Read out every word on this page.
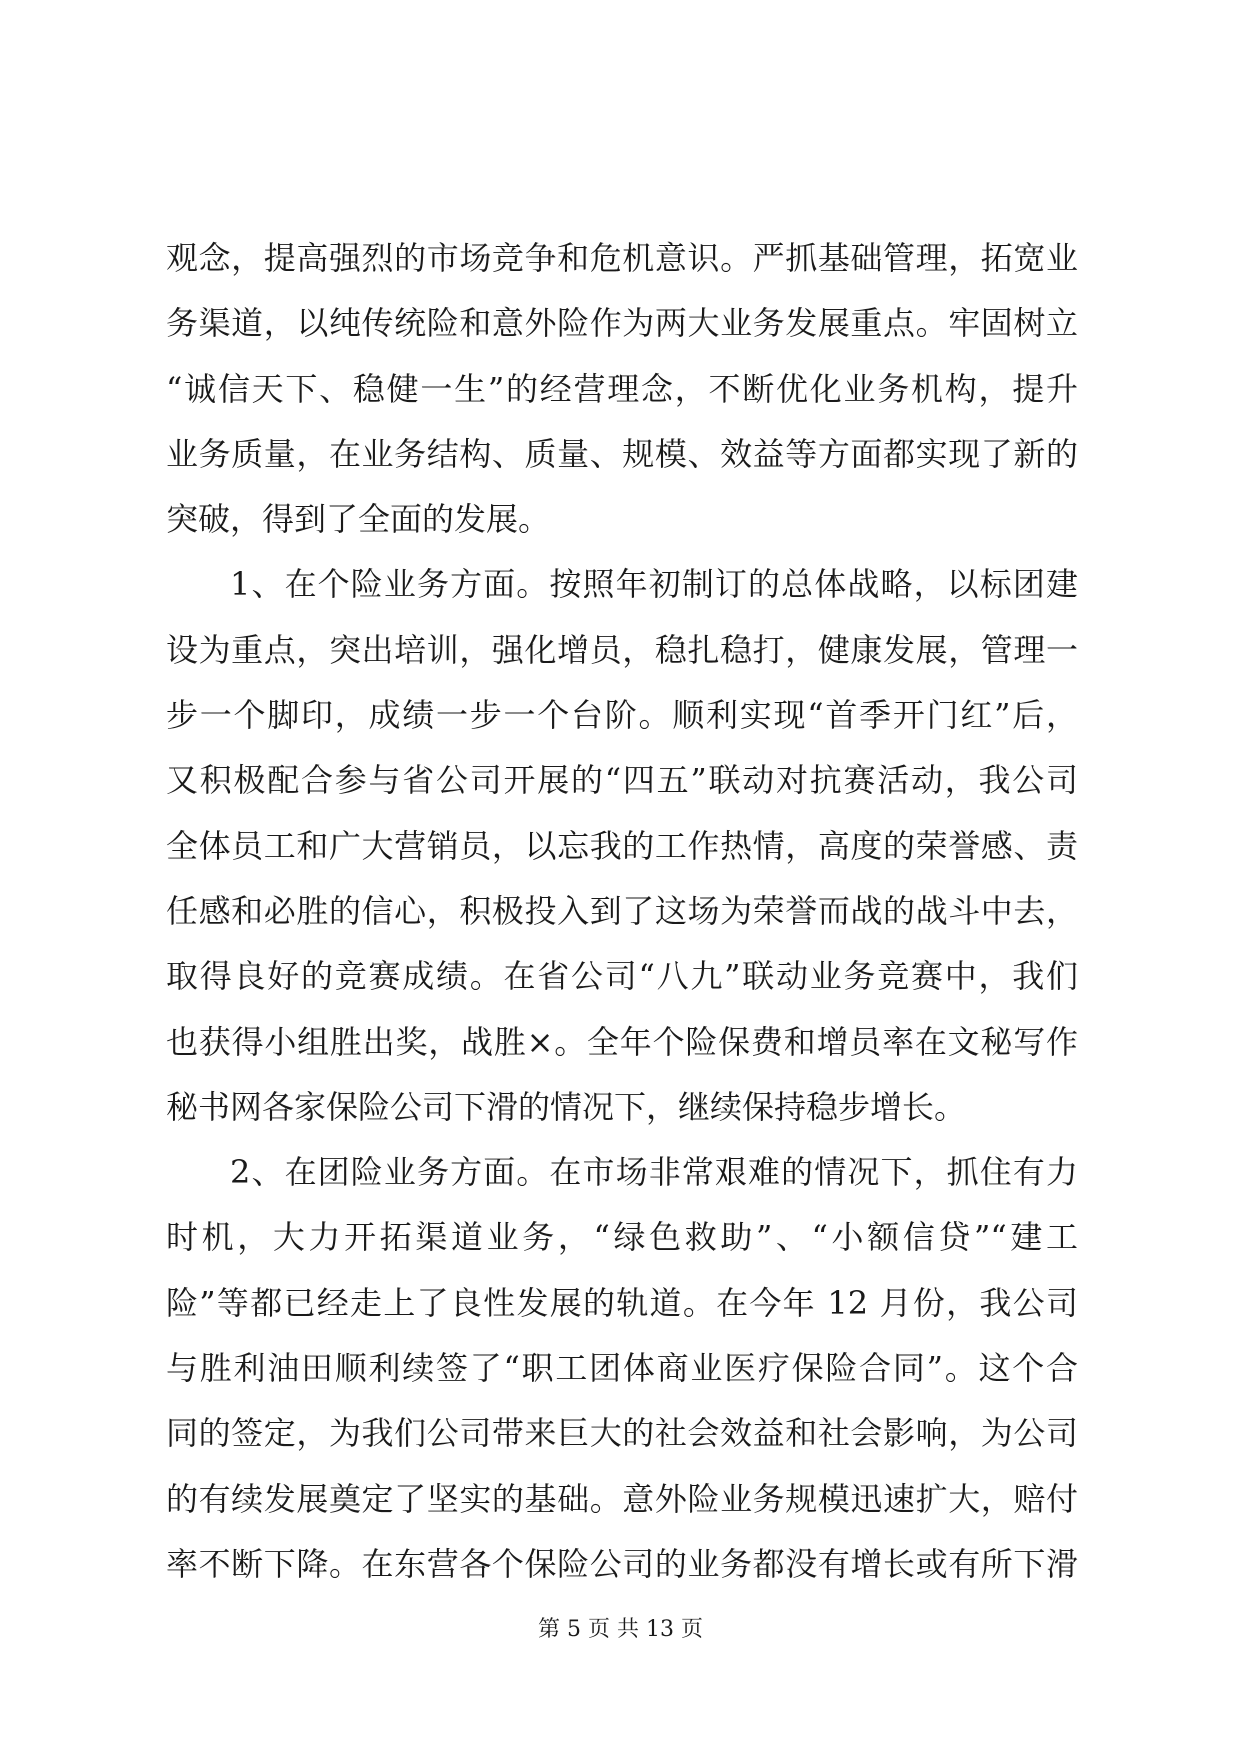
观念，提高强烈的市场竞争和危机意识。严抓基础管理，拓宽业
务渠道，以纯传统险和意外险作为两大业务发展重点。牢固树立
“诚信天下、稳健一生”的经营理念，不断优化业务机构，提升
业务质量，在业务结构、质量、规模、效益等方面都实现了新的
突破，得到了全面的发展。
1、在个险业务方面。按照年初制订的总体战略，以标团建
设为重点，突出培训，强化增员，稳扎稳打，健康发展，管理一
步一个脚印，成绩一步一个台阶。顺利实现“首季开门红”后，
又积极配合参与省公司开展的“四五”联动对抗赛活动，我公司
全体员工和广大营销员，以忘我的工作热情，高度的荣誉感、责
任感和必胜的信心，积极投入到了这场为荣誉而战的战斗中去，
取得良好的竞赛成绩。在省公司“八九”联动业务竞赛中，我们
也获得小组胜出奖，战胜×。全年个险保费和增员率在文秘写作
秘书网各家保险公司下滑的情况下，继续保持稳步增长。
2、在团险业务方面。在市场非常艰难的情况下，抓住有力
时机，大力开拓渠道业务，“绿色救助”、“小额信贷”“建工
险”等都已经走上了良性发展的轨道。在今年 12 月份，我公司
与胜利油田顺利续签了“职工团体商业医疗保险合同”。这个合
同的签定，为我们公司带来巨大的社会效益和社会影响，为公司
的有续发展奠定了坚实的基础。意外险业务规模迅速扩大，赔付
率不断下降。在东营各个保险公司的业务都没有增长或有所下滑
第 5 页 共 13 页
